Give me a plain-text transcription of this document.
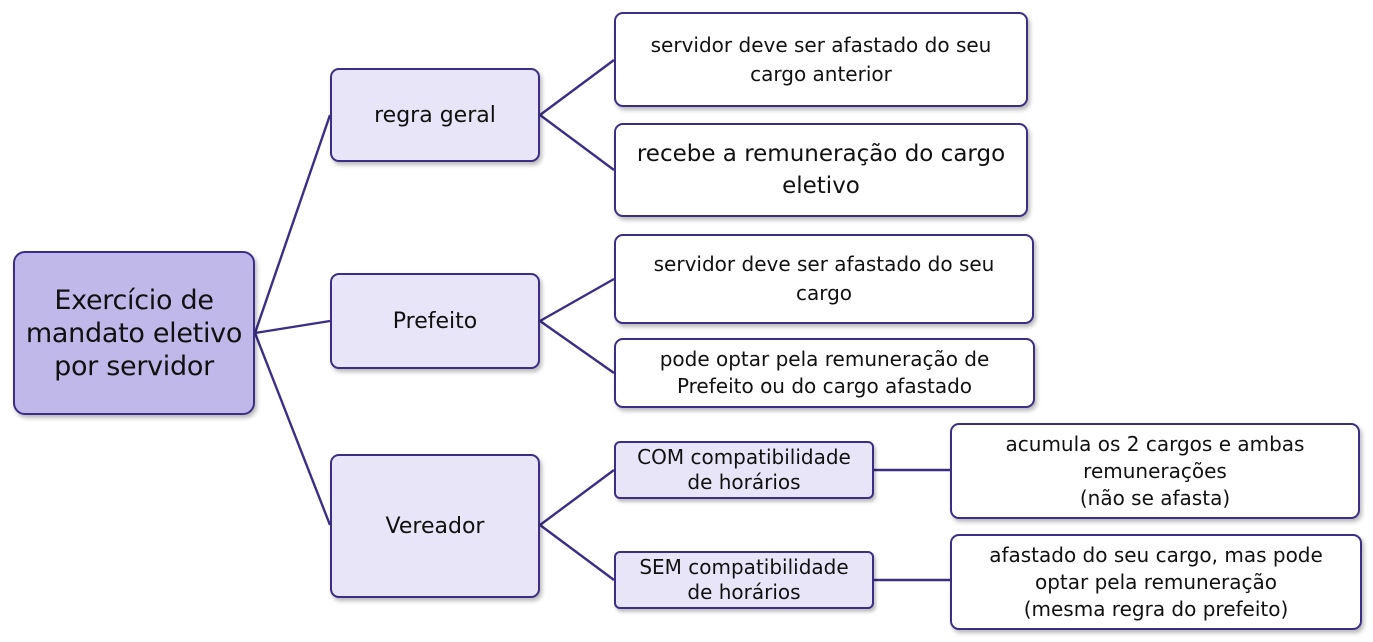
Exercício de
mandato eletivo
por servidor
regra geral
Prefeito
Vereador
servidor deve ser afastado do seu
cargo anterior
recebe a remuneração do cargo
eletivo
servidor deve ser afastado do seu
cargo
pode optar pela remuneração de
Prefeito ou do cargo afastado
COM compatibilidade
de horários
SEM compatibilidade
de horários
acumula os 2 cargos e ambas
remunerações
(não se afasta)
afastado do seu cargo, mas pode
optar pela remuneração
(mesma regra do prefeito)
